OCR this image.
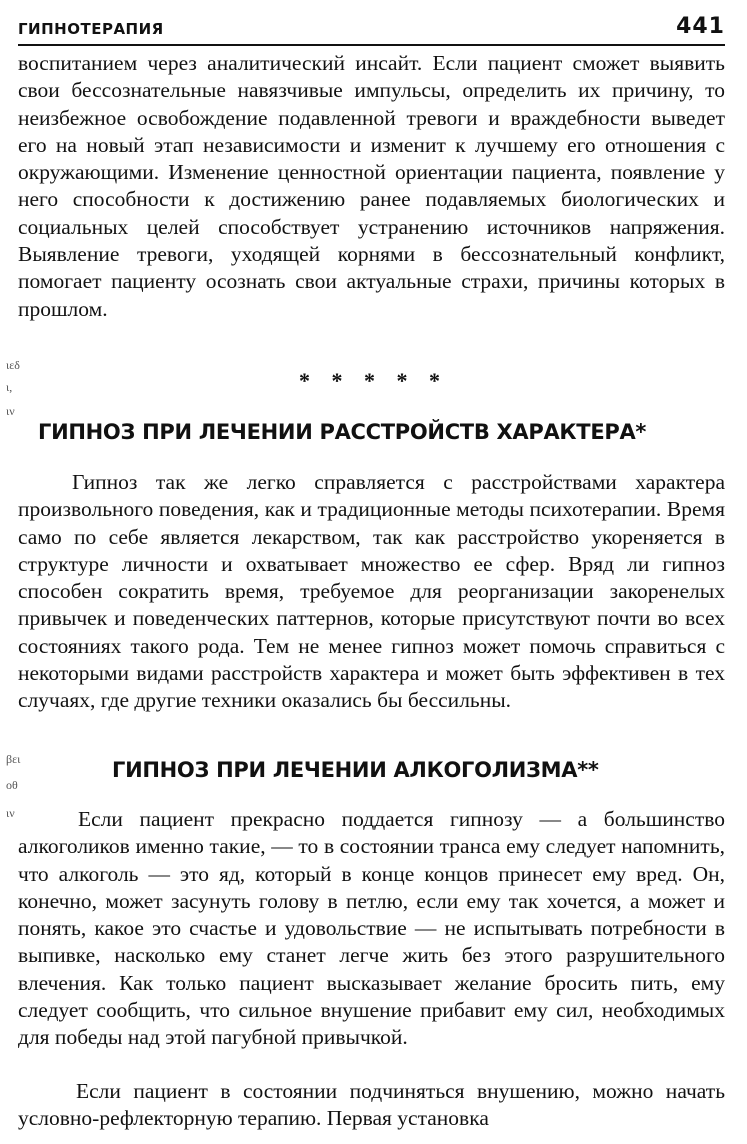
ГИПНОТЕРАПИЯ	441

воспитанием через аналитический инсайт. Если пациент сможет выявить свои бессознательные навязчивые импульсы, определить их причину, то неизбежное освобождение подавленной тревоги и враждебности выведет его на новый этап независимости и изменит к лучшему его отношения с окружающими. Изменение ценностной ориентации пациента, появление у него способности к достижению ранее подавляемых биологических и социальных целей способствует устранению источников напряжения. Выявление тревоги, уходящей корнями в бессознательный конфликт, помогает пациенту осознать свои актуальные страхи, причины которых в прошлом.

ιεδ
ι,
ιν
* * * * *
ГИПНОЗ ПРИ ЛЕЧЕНИИ РАССТРОЙСТВ ХАРАКТЕРА*

Гипноз так же легко справляется с расстройствами характера произвольного поведения, как и традиционные методы психотерапии. Время само по себе является лекарством, так как расстройство укореняется в структуре личности и охватывает множество ее сфер. Вряд ли гипноз способен сократить время, требуемое для реорганизации закоренелых привычек и поведенческих паттернов, которые присутствуют почти во всех состояниях такого рода. Тем не менее гипноз может помочь справиться с некоторыми видами расстройств характера и может быть эффективен в тех случаях, где другие техники оказались бы бессильны.

βει
οθ
ιν
ГИПНОЗ ПРИ ЛЕЧЕНИИ АЛКОГОЛИЗМА**

Если пациент прекрасно поддается гипнозу — а большинство алкоголиков именно такие, — то в состоянии транса ему следует напомнить, что алкоголь — это яд, который в конце концов принесет ему вред. Он, конечно, может засунуть голову в петлю, если ему так хочется, а может и понять, какое это счастье и удовольствие — не испытывать потребности в выпивке, насколько ему станет легче жить без этого разрушительного влечения. Как только пациент высказывает желание бросить пить, ему следует сообщить, что сильное внушение прибавит ему сил, необходимых для победы над этой пагубной привычкой.

Если пациент в состоянии подчиняться внушению, можно начать условно-рефлекторную терапию. Первая установка
